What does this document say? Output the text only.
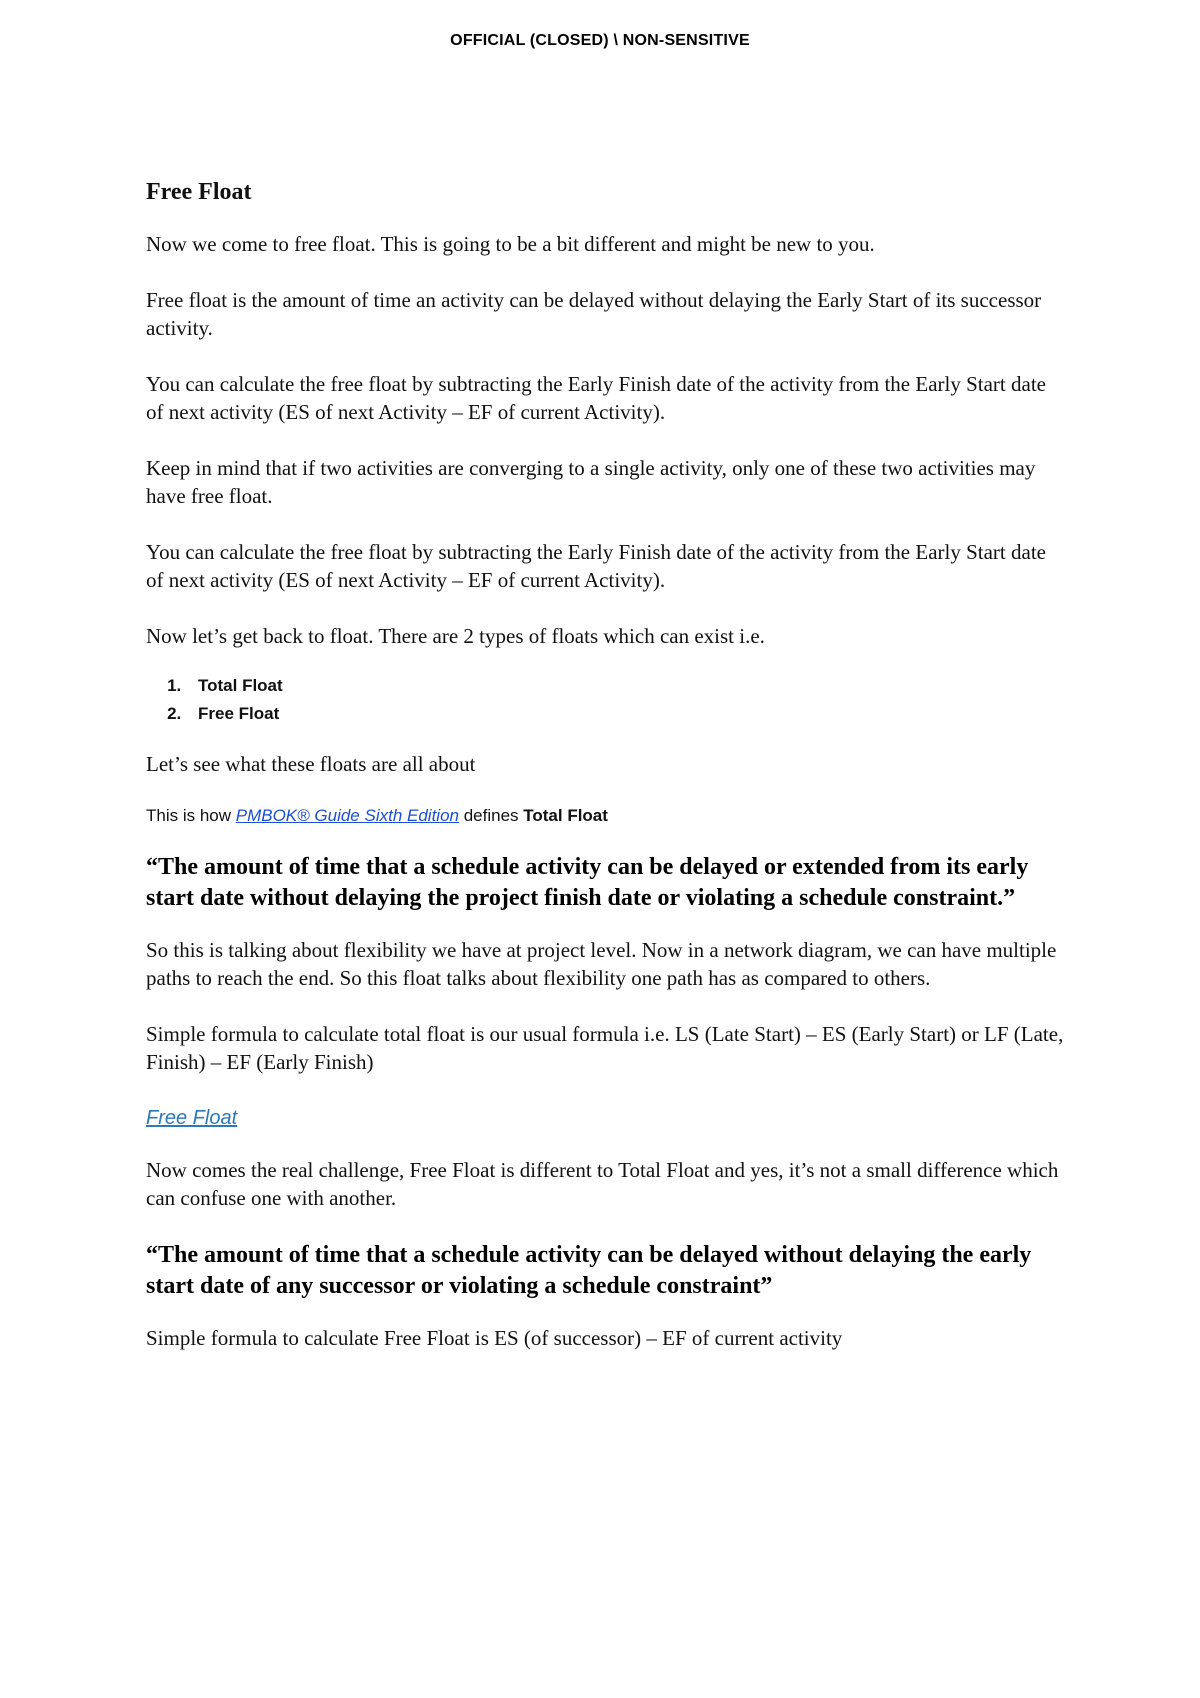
OFFICIAL (CLOSED) \ NON-SENSITIVE
Free Float

Now we come to free float. This is going to be a bit different and might be new to you.

Free float is the amount of time an activity can be delayed without delaying the Early Start of its successor activity.

You can calculate the free float by subtracting the Early Finish date of the activity from the Early Start date of next activity (ES of next Activity – EF of current Activity).

Keep in mind that if two activities are converging to a single activity, only one of these two activities may have free float.

You can calculate the free float by subtracting the Early Finish date of the activity from the Early Start date of next activity (ES of next Activity – EF of current Activity).

Now let’s get back to float. There are 2 types of floats which can exist i.e.

1. Total Float
2. Free Float

Let’s see what these floats are all about

This is how PMBOK® Guide Sixth Edition defines Total Float

“The amount of time that a schedule activity can be delayed or extended from its early start date without delaying the project finish date or violating a schedule constraint.”

So this is talking about flexibility we have at project level. Now in a network diagram, we can have multiple paths to reach the end. So this float talks about flexibility one path has as compared to others.

Simple formula to calculate total float is our usual formula i.e. LS (Late Start) – ES (Early Start) or LF (Late, Finish) – EF (Early Finish)

Free Float

Now comes the real challenge, Free Float is different to Total Float and yes, it’s not a small difference which can confuse one with another.

“The amount of time that a schedule activity can be delayed without delaying the early start date of any successor or violating a schedule constraint”

Simple formula to calculate Free Float is ES (of successor) – EF of current activity
